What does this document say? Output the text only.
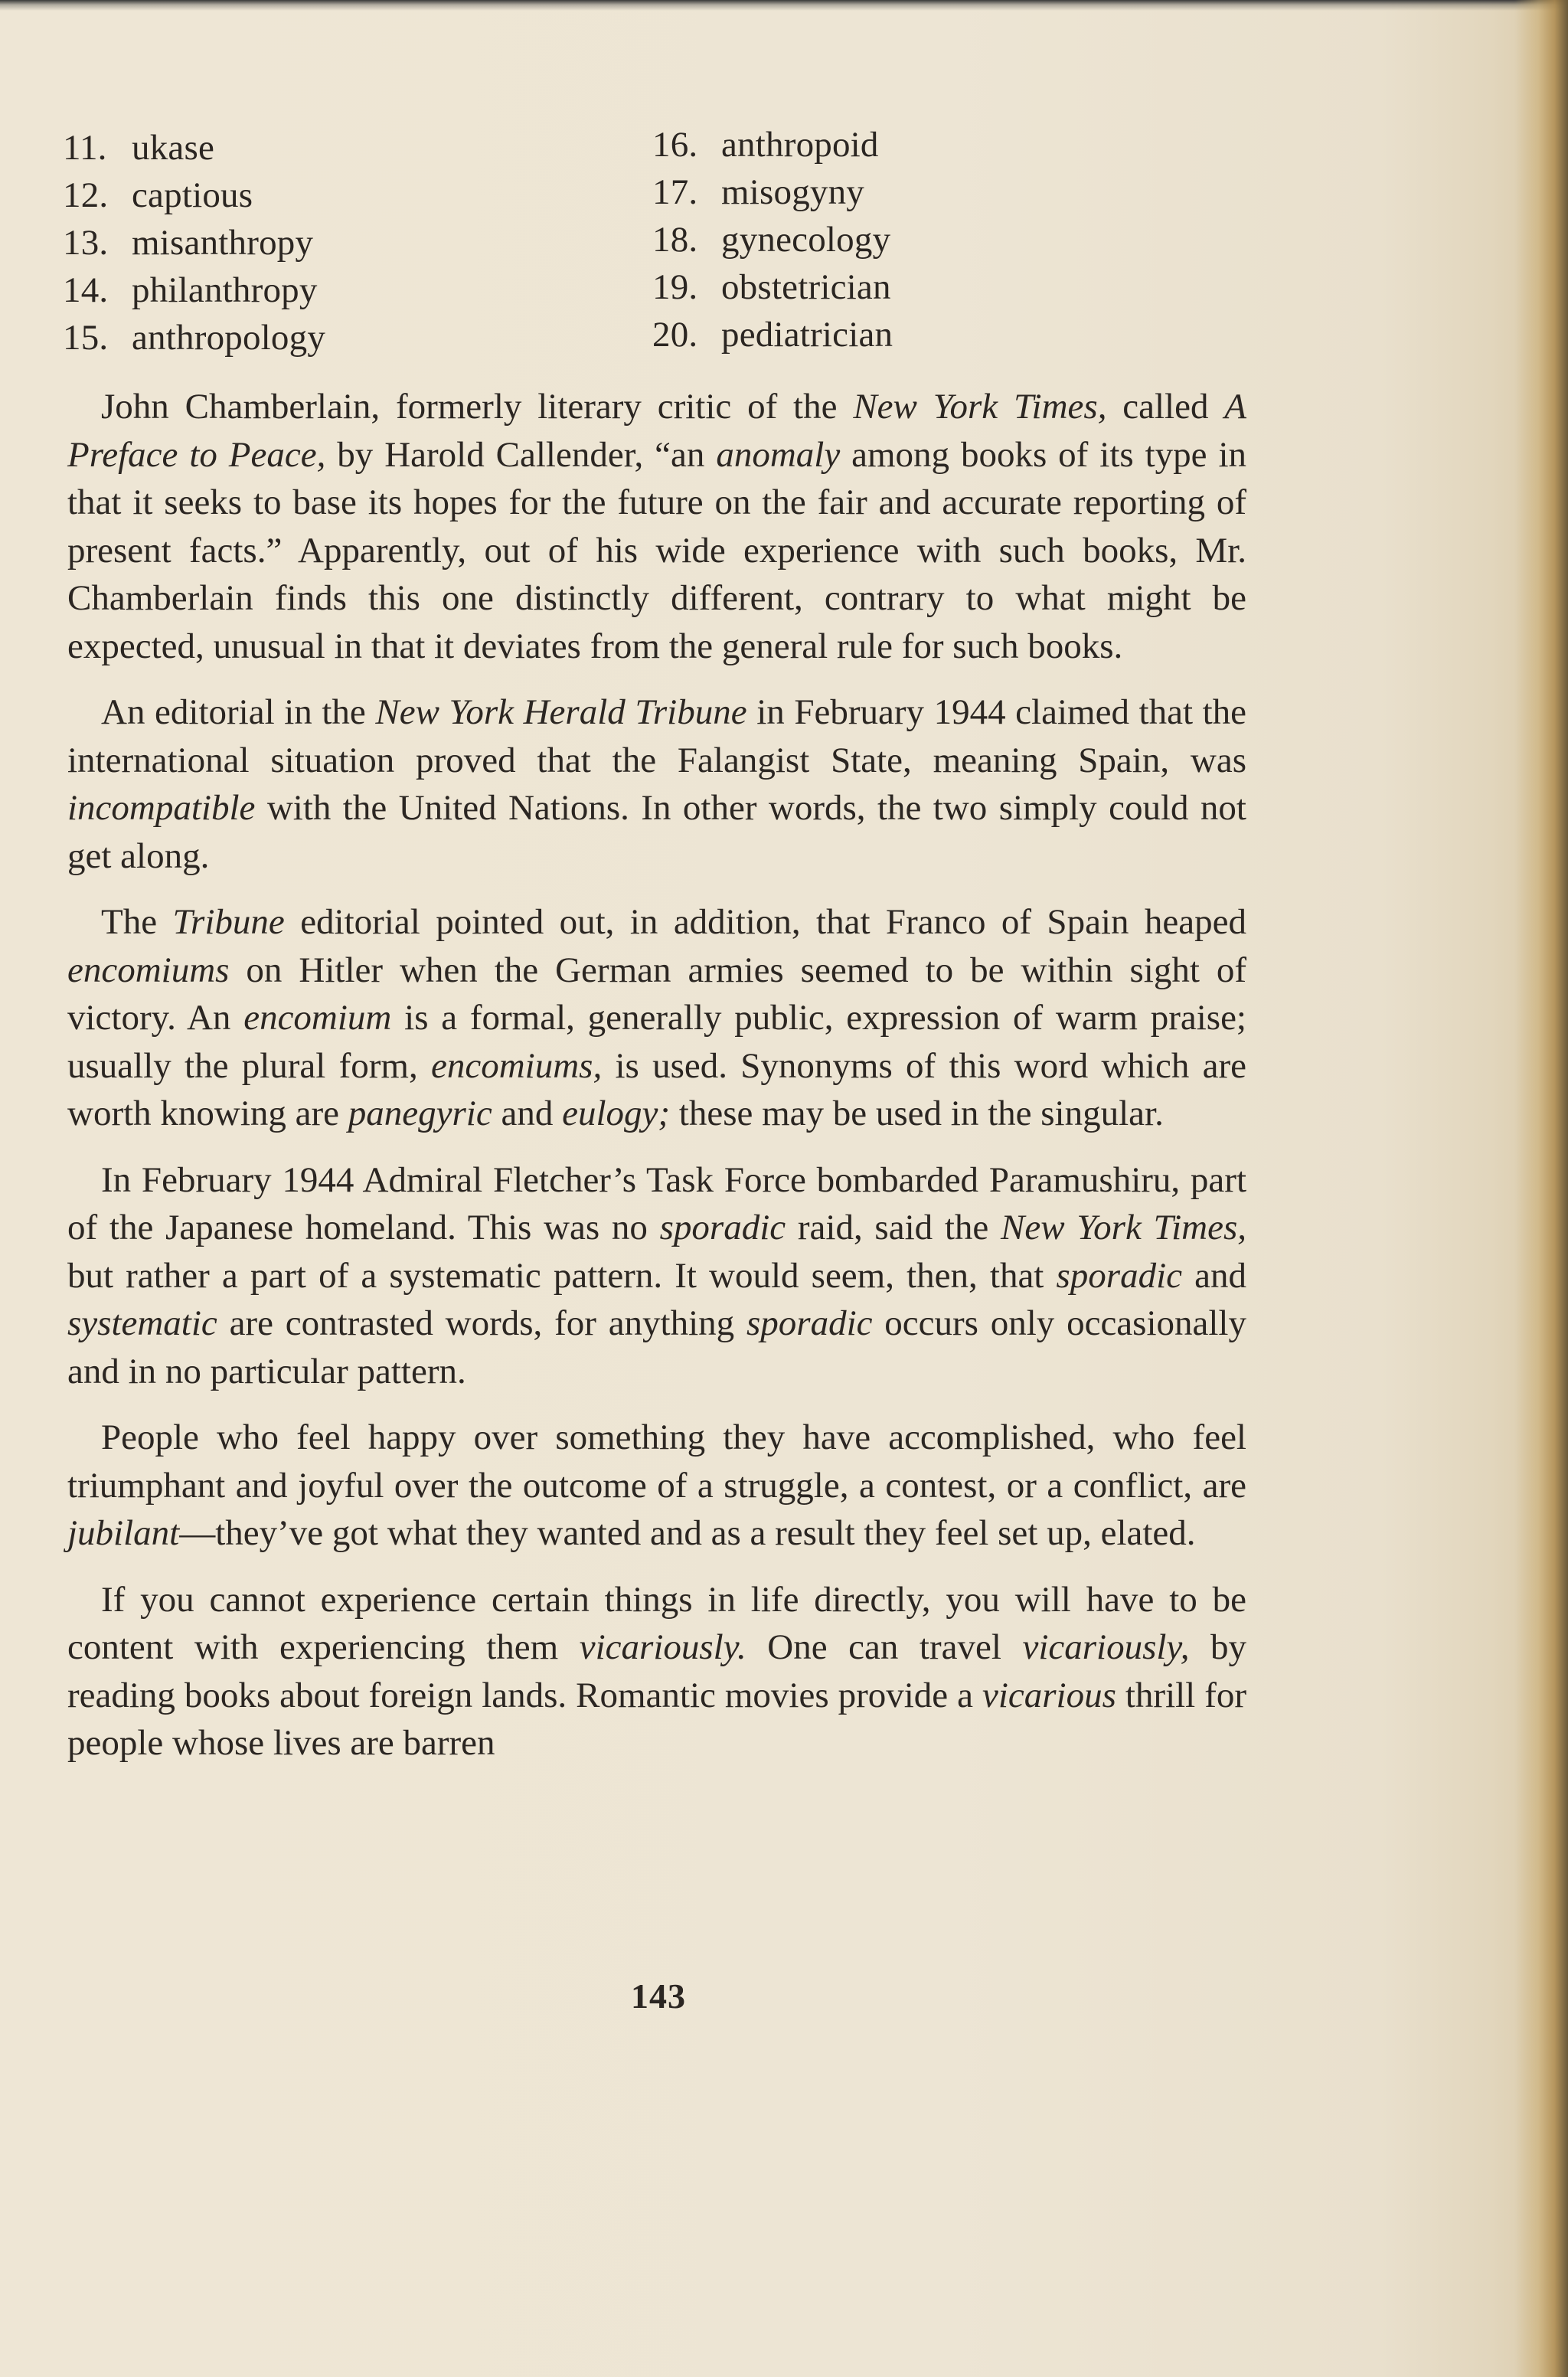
11. ukase
12. captious
13. misanthropy
14. philanthropy
15. anthropology
16. anthropoid
17. misogyny
18. gynecology
19. obstetrician
20. pediatrician

John Chamberlain, formerly literary critic of the New York Times, called A Preface to Peace, by Harold Callender, “an anomaly among books of its type in that it seeks to base its hopes for the future on the fair and accurate reporting of present facts.” Apparently, out of his wide experience with such books, Mr. Chamberlain finds this one distinctly different, contrary to what might be expected, unusual in that it deviates from the general rule for such books.

An editorial in the New York Herald Tribune in February 1944 claimed that the international situation proved that the Falangist State, meaning Spain, was incompatible with the United Nations. In other words, the two simply could not get along.

The Tribune editorial pointed out, in addition, that Franco of Spain heaped encomiums on Hitler when the German armies seemed to be within sight of victory. An encomium is a formal, generally public, expression of warm praise; usually the plural form, encomiums, is used. Synonyms of this word which are worth knowing are panegyric and eulogy; these may be used in the singular.

In February 1944 Admiral Fletcher’s Task Force bombarded Paramushiru, part of the Japanese homeland. This was no sporadic raid, said the New York Times, but rather a part of a systematic pattern. It would seem, then, that sporadic and systematic are contrasted words, for anything sporadic occurs only occasionally and in no particular pattern.

People who feel happy over something they have accomplished, who feel triumphant and joyful over the outcome of a struggle, a contest, or a conflict, are jubilant—they’ve got what they wanted and as a result they feel set up, elated.

If you cannot experience certain things in life directly, you will have to be content with experiencing them vicariously. One can travel vicariously, by reading books about foreign lands. Romantic movies provide a vicarious thrill for people whose lives are barren

143
